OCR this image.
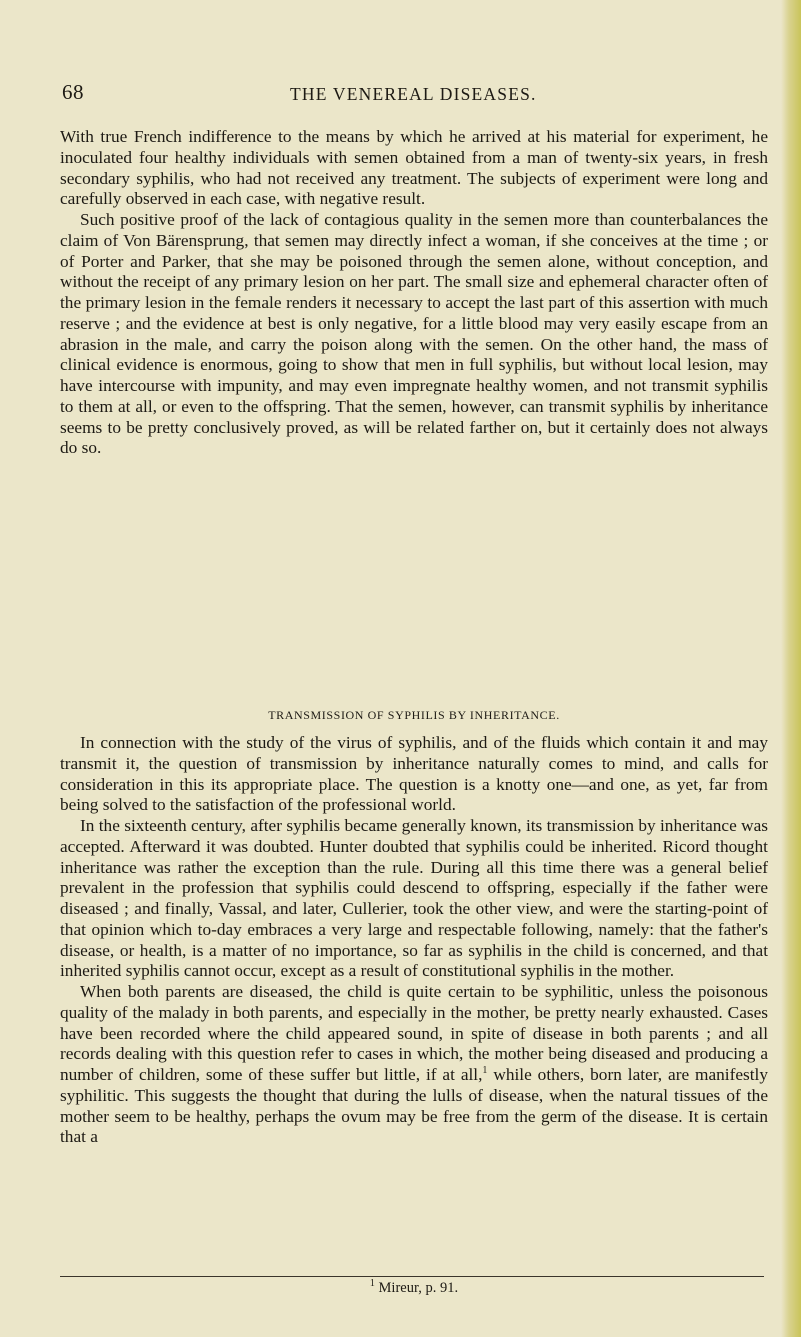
68	THE VENEREAL DISEASES.

With true French indifference to the means by which he arrived at his material for experiment, he inoculated four healthy individuals with semen obtained from a man of twenty-six years, in fresh secondary syphilis, who had not received any treatment. The subjects of experiment were long and carefully observed in each case, with negative result.

Such positive proof of the lack of contagious quality in the semen more than counterbalances the claim of Von Bärensprung, that semen may directly infect a woman, if she conceives at the time ; or of Porter and Parker, that she may be poisoned through the semen alone, without conception, and without the receipt of any primary lesion on her part. The small size and ephemeral character often of the primary lesion in the female renders it necessary to accept the last part of this assertion with much reserve ; and the evidence at best is only negative, for a little blood may very easily escape from an abrasion in the male, and carry the poison along with the semen. On the other hand, the mass of clinical evidence is enormous, going to show that men in full syphilis, but without local lesion, may have intercourse with impunity, and may even impregnate healthy women, and not transmit syphilis to them at all, or even to the offspring. That the semen, however, can transmit syphilis by inheritance seems to be pretty conclusively proved, as will be related farther on, but it certainly does not always do so.

TRANSMISSION OF SYPHILIS BY INHERITANCE.

In connection with the study of the virus of syphilis, and of the fluids which contain it and may transmit it, the question of transmission by inheritance naturally comes to mind, and calls for consideration in this its appropriate place. The question is a knotty one—and one, as yet, far from being solved to the satisfaction of the professional world.

In the sixteenth century, after syphilis became generally known, its transmission by inheritance was accepted. Afterward it was doubted. Hunter doubted that syphilis could be inherited. Ricord thought inheritance was rather the exception than the rule. During all this time there was a general belief prevalent in the profession that syphilis could descend to offspring, especially if the father were diseased ; and finally, Vassal, and later, Cullerier, took the other view, and were the starting-point of that opinion which to-day embraces a very large and respectable following, namely: that the father's disease, or health, is a matter of no importance, so far as syphilis in the child is concerned, and that inherited syphilis cannot occur, except as a result of constitutional syphilis in the mother.

When both parents are diseased, the child is quite certain to be syphilitic, unless the poisonous quality of the malady in both parents, and especially in the mother, be pretty nearly exhausted. Cases have been recorded where the child appeared sound, in spite of disease in both parents ; and all records dealing with this question refer to cases in which, the mother being diseased and producing a number of children, some of these suffer but little, if at all,$^1$ while others, born later, are manifestly syphilitic. This suggests the thought that during the lulls of disease, when the natural tissues of the mother seem to be healthy, perhaps the ovum may be free from the germ of the disease. It is certain that a

$^1$ Mireur, p. 91.
